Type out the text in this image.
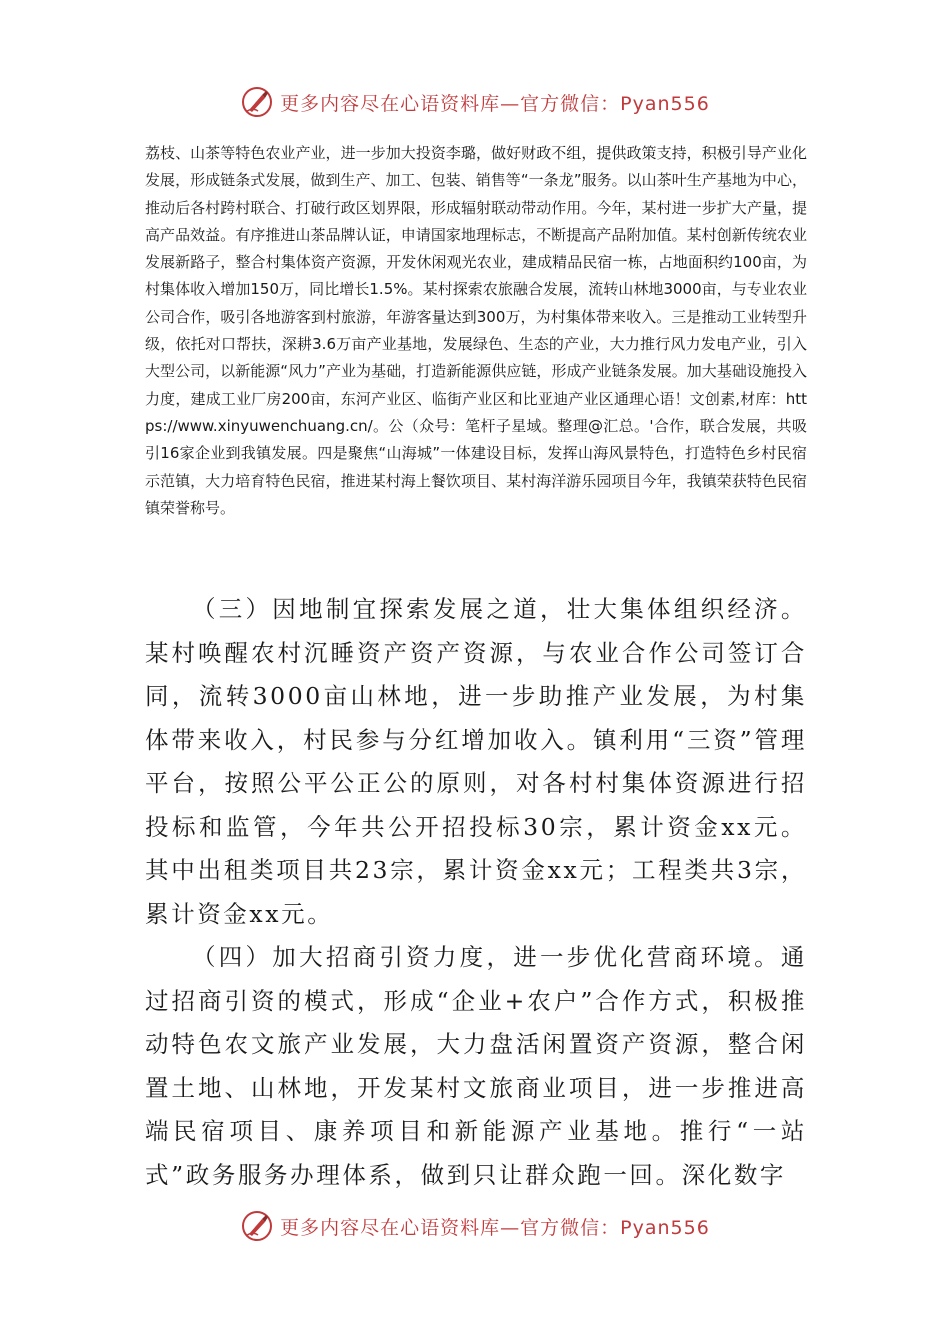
更多内容尽在心语资料库—官方微信：Pyan556

荔枝、山茶等特色农业产业，进一步加大投资李璐，做好财政不组，提供政策支持，积极引导产业化发展，形成链条式发展，做到生产、加工、包装、销售等“一条龙”服务。以山茶叶生产基地为中心，推动后各村跨村联合、打破行政区划界限，形成辐射联动带动作用。今年，某村进一步扩大产量，提高产品效益。有序推进山茶品牌认证，申请国家地理标志，不断提高产品附加值。某村创新传统农业发展新路子，整合村集体资产资源，开发休闲观光农业，建成精品民宿一栋，占地面积约100亩，为村集体收入增加150万，同比增长1.5%。某村探索农旅融合发展，流转山林地3000亩，与专业农业公司合作，吸引各地游客到村旅游，年游客量达到300万，为村集体带来收入。三是推动工业转型升级，依托对口帮扶，深耕3.6万亩产业基地，发展绿色、生态的产业，大力推行风力发电产业，引入大型公司，以新能源“风力”产业为基础，打造新能源供应链，形成产业链条发展。加大基础设施投入力度，建成工业厂房200亩，东河产业区、临街产业区和比亚迪产业区通理心语！文创素,材库：https://www.xinyuwenchuang.cn/。公（众号：笔杆子星域。整理@汇总。'合作，联合发展，共吸引16家企业到我镇发展。四是聚焦“山海城”一体建设目标，发挥山海风景特色，打造特色乡村民宿示范镇，大力培育特色民宿，推进某村海上餐饮项目、某村海洋游乐园项目今年，我镇荣获特色民宿镇荣誉称号。

（三）因地制宜探索发展之道，壮大集体组织经济。某村唤醒农村沉睡资产资产资源，与农业合作公司签订合同，流转3000亩山林地，进一步助推产业发展，为村集体带来收入，村民参与分红增加收入。镇利用“三资”管理平台，按照公平公正公的原则，对各村村集体资源进行招投标和监管，今年共公开招投标30宗，累计资金xx元。其中出租类项目共23宗，累计资金xx元；工程类共3宗，累计资金xx元。

（四）加大招商引资力度，进一步优化营商环境。通过招商引资的模式，形成“企业+农户”合作方式，积极推动特色农文旅产业发展，大力盘活闲置资产资源，整合闲置土地、山林地，开发某村文旅商业项目，进一步推进高端民宿项目、康养项目和新能源产业基地。推行“一站式”政务服务办理体系，做到只让群众跑一回。深化数字

更多内容尽在心语资料库—官方微信：Pyan556
